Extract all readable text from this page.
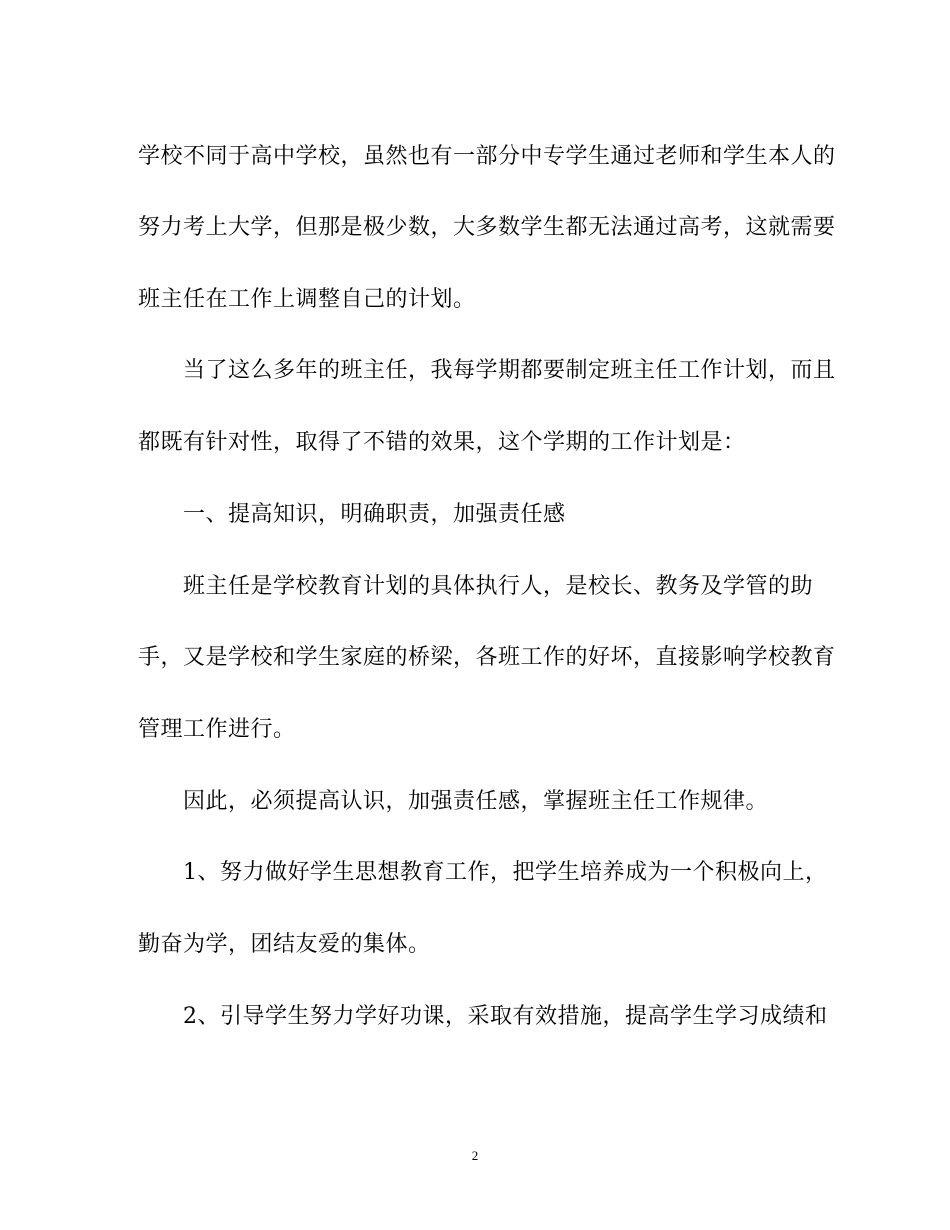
学校不同于高中学校，虽然也有一部分中专学生通过老师和学生本人的
努力考上大学，但那是极少数，大多数学生都无法通过高考，这就需要
班主任在工作上调整自己的计划。
当了这么多年的班主任，我每学期都要制定班主任工作计划，而且
都既有针对性，取得了不错的效果，这个学期的工作计划是：
一、提高知识，明确职责，加强责任感
班主任是学校教育计划的具体执行人，是校长、教务及学管的助
手，又是学校和学生家庭的桥梁，各班工作的好坏，直接影响学校教育
管理工作进行。
因此，必须提高认识，加强责任感，掌握班主任工作规律。
1、努力做好学生思想教育工作，把学生培养成为一个积极向上，
勤奋为学，团结友爱的集体。
2、引导学生努力学好功课，采取有效措施，提高学生学习成绩和
2
